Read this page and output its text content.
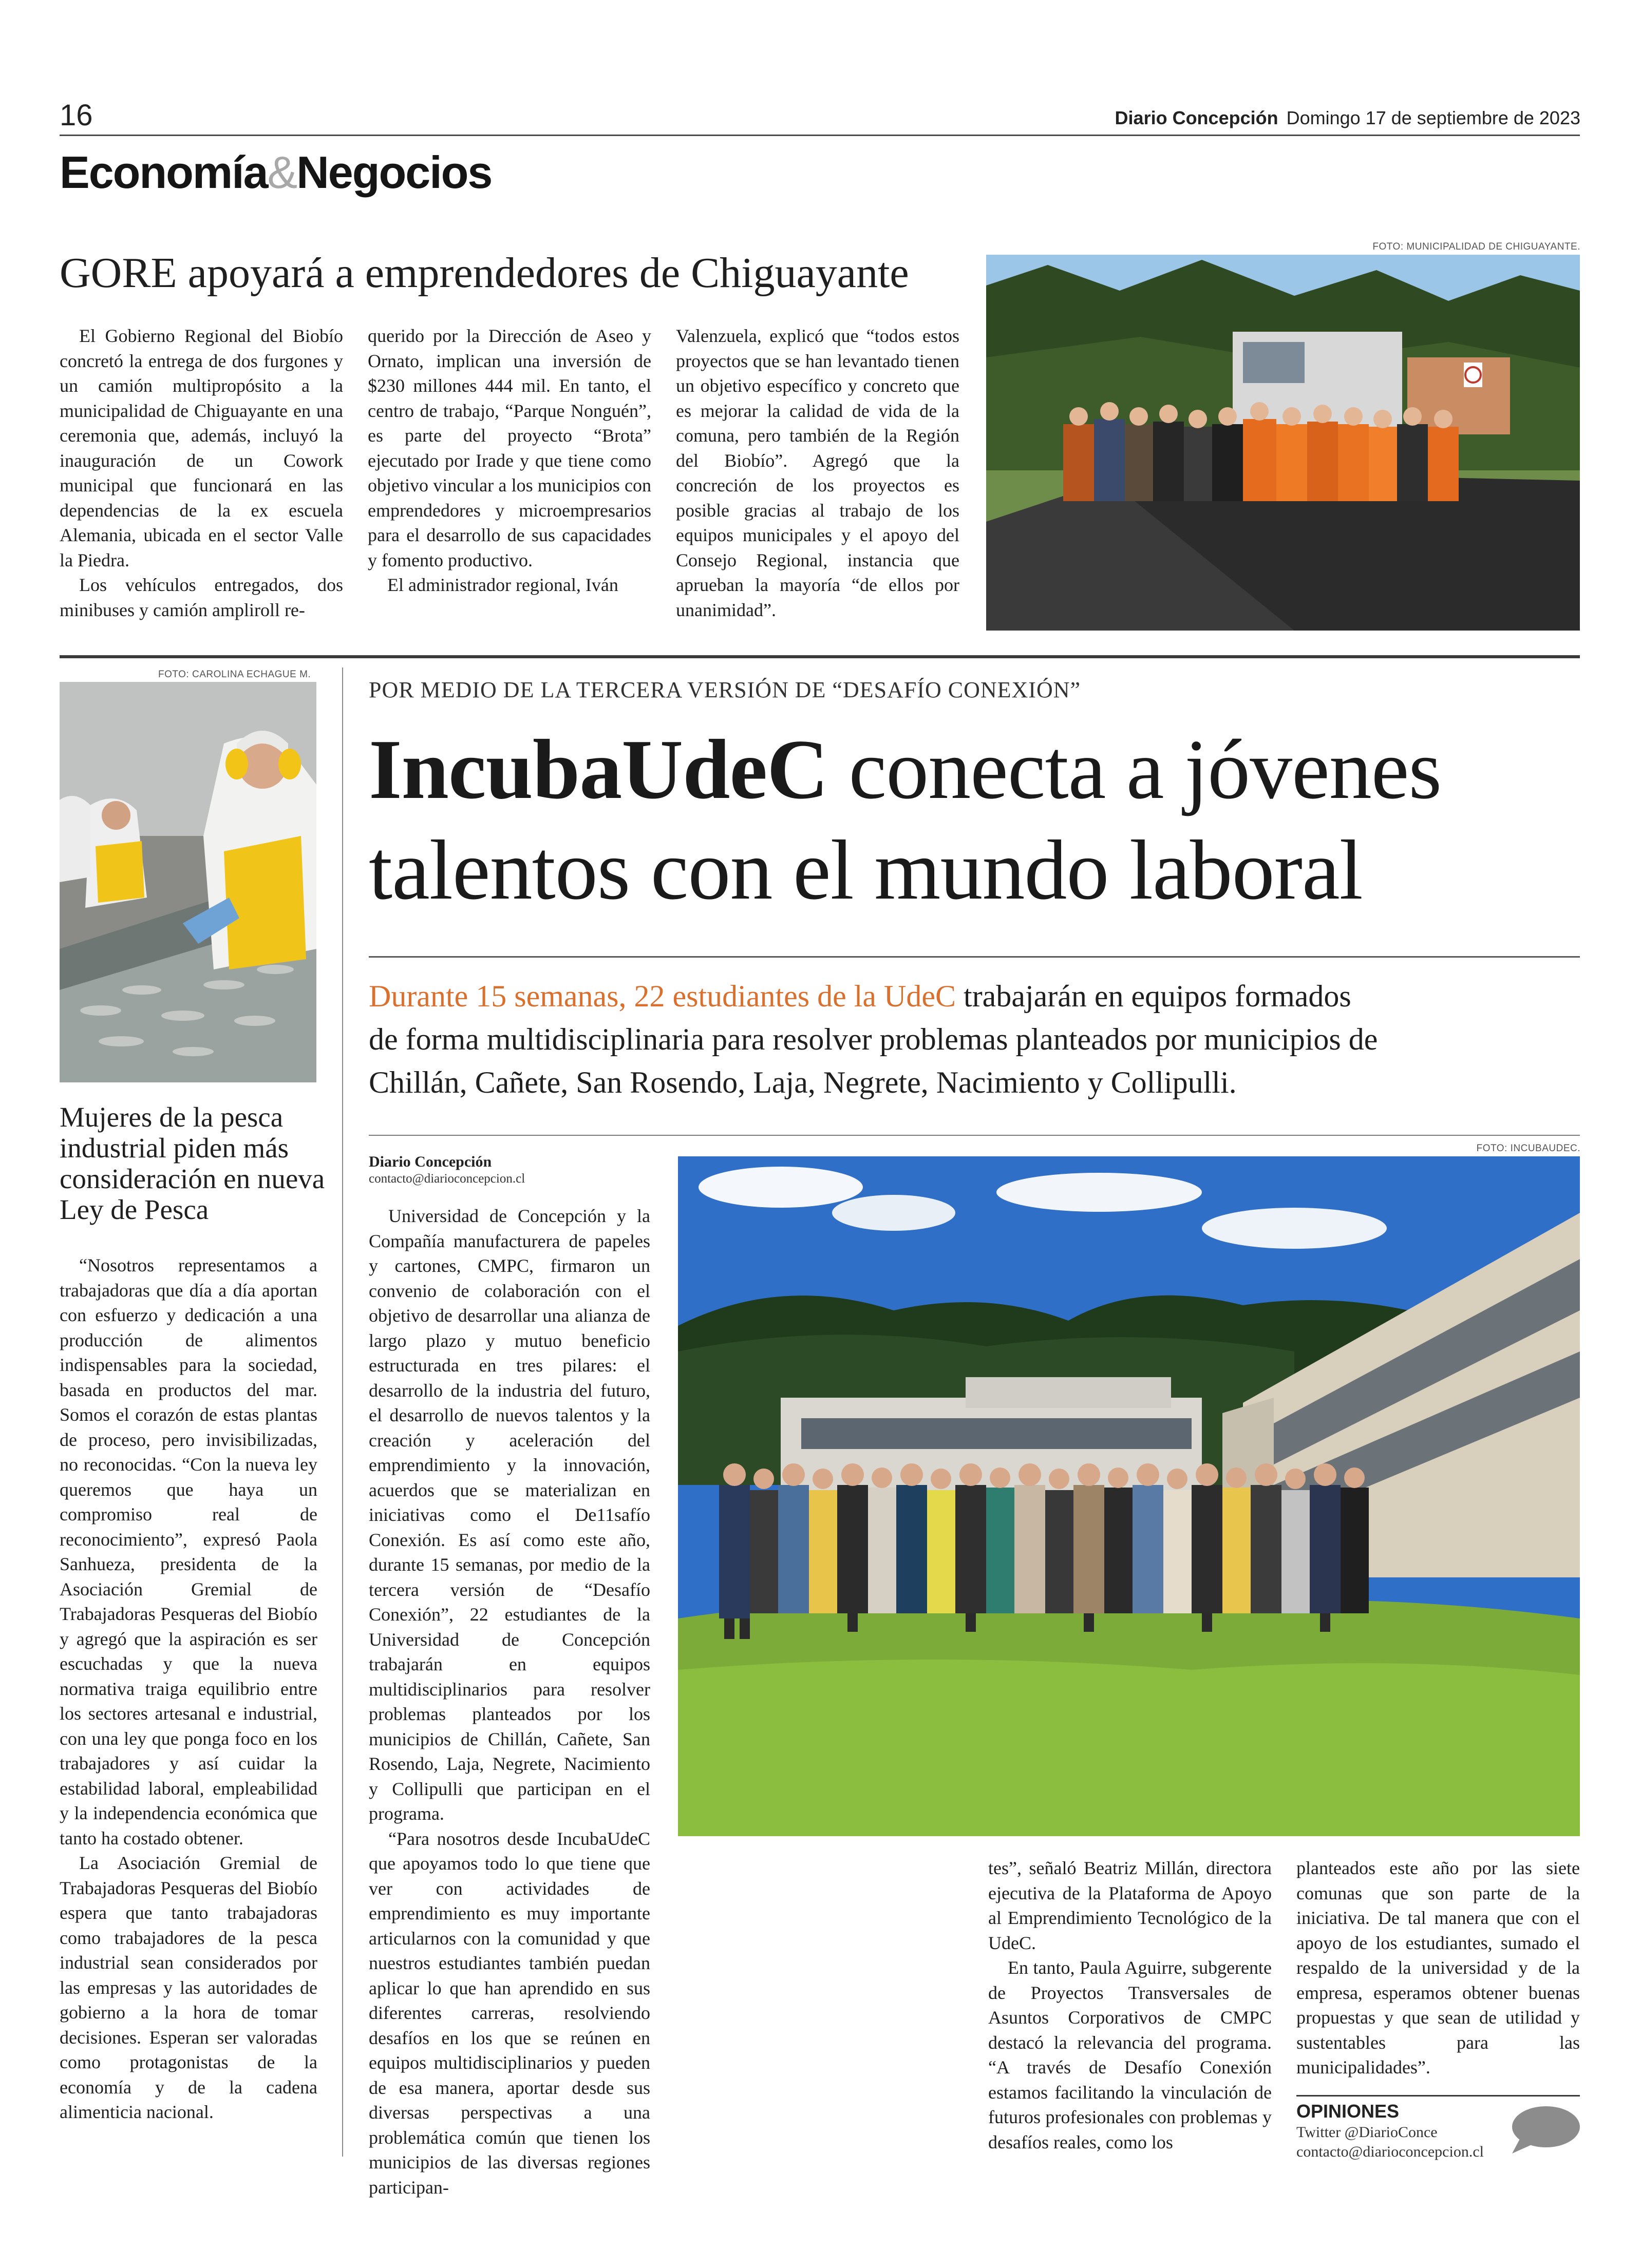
16	Diario Concepción Domingo 17 de septiembre de 2023
Economía&Negocios
GORE apoyará a emprendedores de Chiguayante

El Gobierno Regional del Biobío concretó la entrega de dos furgones y un camión multipropósito a la municipalidad de Chiguayante en una ceremonia que, además, incluyó la inauguración de un Cowork municipal que funcionará en las dependencias de la ex escuela Alemania, ubicada en el sector Valle la Piedra.

Los vehículos entregados, dos minibuses y camión ampliroll re-

querido por la Dirección de Aseo y Ornato, implican una inversión de $230 millones 444 mil. En tanto, el centro de trabajo, “Parque Nonguén”, es parte del proyecto “Brota” ejecutado por Irade y que tiene como objetivo vincular a los municipios con emprendedores y microempresarios para el desarrollo de sus capacidades y fomento productivo.

El administrador regional, Iván

Valenzuela, explicó que “todos estos proyectos que se han levantado tienen un objetivo específico y concreto que es mejorar la calidad de vida de la comuna, pero también de la Región del Biobío”. Agregó que la concreción de los proyectos es posible gracias al trabajo de los equipos municipales y el apoyo del Consejo Regional, instancia que aprueban la mayoría “de ellos por unanimidad”.

FOTO: MUNICIPALIDAD DE CHIGUAYANTE.
FOTO: CAROLINA ECHAGUE M.
Mujeres de la pesca industrial piden más consideración en nueva Ley de Pesca

“Nosotros representamos a trabajadoras que día a día aportan con esfuerzo y dedicación a una producción de alimentos indispensables para la sociedad, basada en productos del mar. Somos el corazón de estas plantas de proceso, pero invisibilizadas, no reconocidas. “Con la nueva ley queremos que haya un compromiso real de reconocimiento”, expresó Paola Sanhueza, presidenta de la Asociación Gremial de Trabajadoras Pesqueras del Biobío y agregó que la aspiración es ser escuchadas y que la nueva normativa traiga equilibrio entre los sectores artesanal e industrial, con una ley que ponga foco en los trabajadores y así cuidar la estabilidad laboral, empleabilidad y la independencia económica que tanto ha costado obtener.

La Asociación Gremial de Trabajadoras Pesqueras del Biobío espera que tanto trabajadoras como trabajadores de la pesca industrial sean considerados por las empresas y las autoridades de gobierno a la hora de tomar decisiones. Esperan ser valoradas como protagonistas de la economía y de la cadena alimenticia nacional.

POR MEDIO DE LA TERCERA VERSIÓN DE “DESAFÍO CONEXIÓN”
IncubaUdeC conecta a jóvenes
talentos con el mundo laboral
Durante 15 semanas, 22 estudiantes de la UdeC trabajarán en equipos formados
de forma multidisciplinaria para resolver problemas planteados por municipios de
Chillán, Cañete, San Rosendo, Laja, Negrete, Nacimiento y Collipulli.
Diario Concepción
contacto@diarioconcepcion.cl

Universidad de Concepción y la Compañía manufacturera de papeles y cartones, CMPC, firmaron un convenio de colaboración con el objetivo de desarrollar una alianza de largo plazo y mutuo beneficio estructurada en tres pilares: el desarrollo de la industria del futuro, el desarrollo de nuevos talentos y la creación y aceleración del emprendimiento y la innovación, acuerdos que se materializan en iniciativas como el De11safío Conexión. Es así como este año, durante 15 semanas, por medio de la tercera versión de “Desafío Conexión”, 22 estudiantes de la Universidad de Concepción trabajarán en equipos multidisciplinarios para resolver problemas planteados por los municipios de Chillán, Cañete, San Rosendo, Laja, Negrete, Nacimiento y Collipulli que participan en el programa.

“Para nosotros desde IncubaUdeC que apoyamos todo lo que tiene que ver con actividades de emprendimiento es muy importante articularnos con la comunidad y que nuestros estudiantes también puedan aplicar lo que han aprendido en sus diferentes carreras, resolviendo desafíos en los que se reúnen en equipos multidisciplinarios y pueden de esa manera, aportar desde sus diversas perspectivas a una problemática común que tienen los municipios de las diversas regiones participan-

FOTO: INCUBAUDEC.

tes”, señaló Beatriz Millán, directora ejecutiva de la Plataforma de Apoyo al Emprendimiento Tecnológico de la UdeC.

En tanto, Paula Aguirre, subgerente de Proyectos Transversales de Asuntos Corporativos de CMPC destacó la relevancia del programa. “A través de Desafío Conexión estamos facilitando la vinculación de futuros profesionales con problemas y desafíos reales, como los

planteados este año por las siete comunas que son parte de la iniciativa. De tal manera que con el apoyo de los estudiantes, sumado el respaldo de la universidad y de la empresa, esperamos obtener buenas propuestas y que sean de utilidad y sustentables para las municipalidades”.

OPINIONES
Twitter @DiarioConce
contacto@diarioconcepcion.cl
